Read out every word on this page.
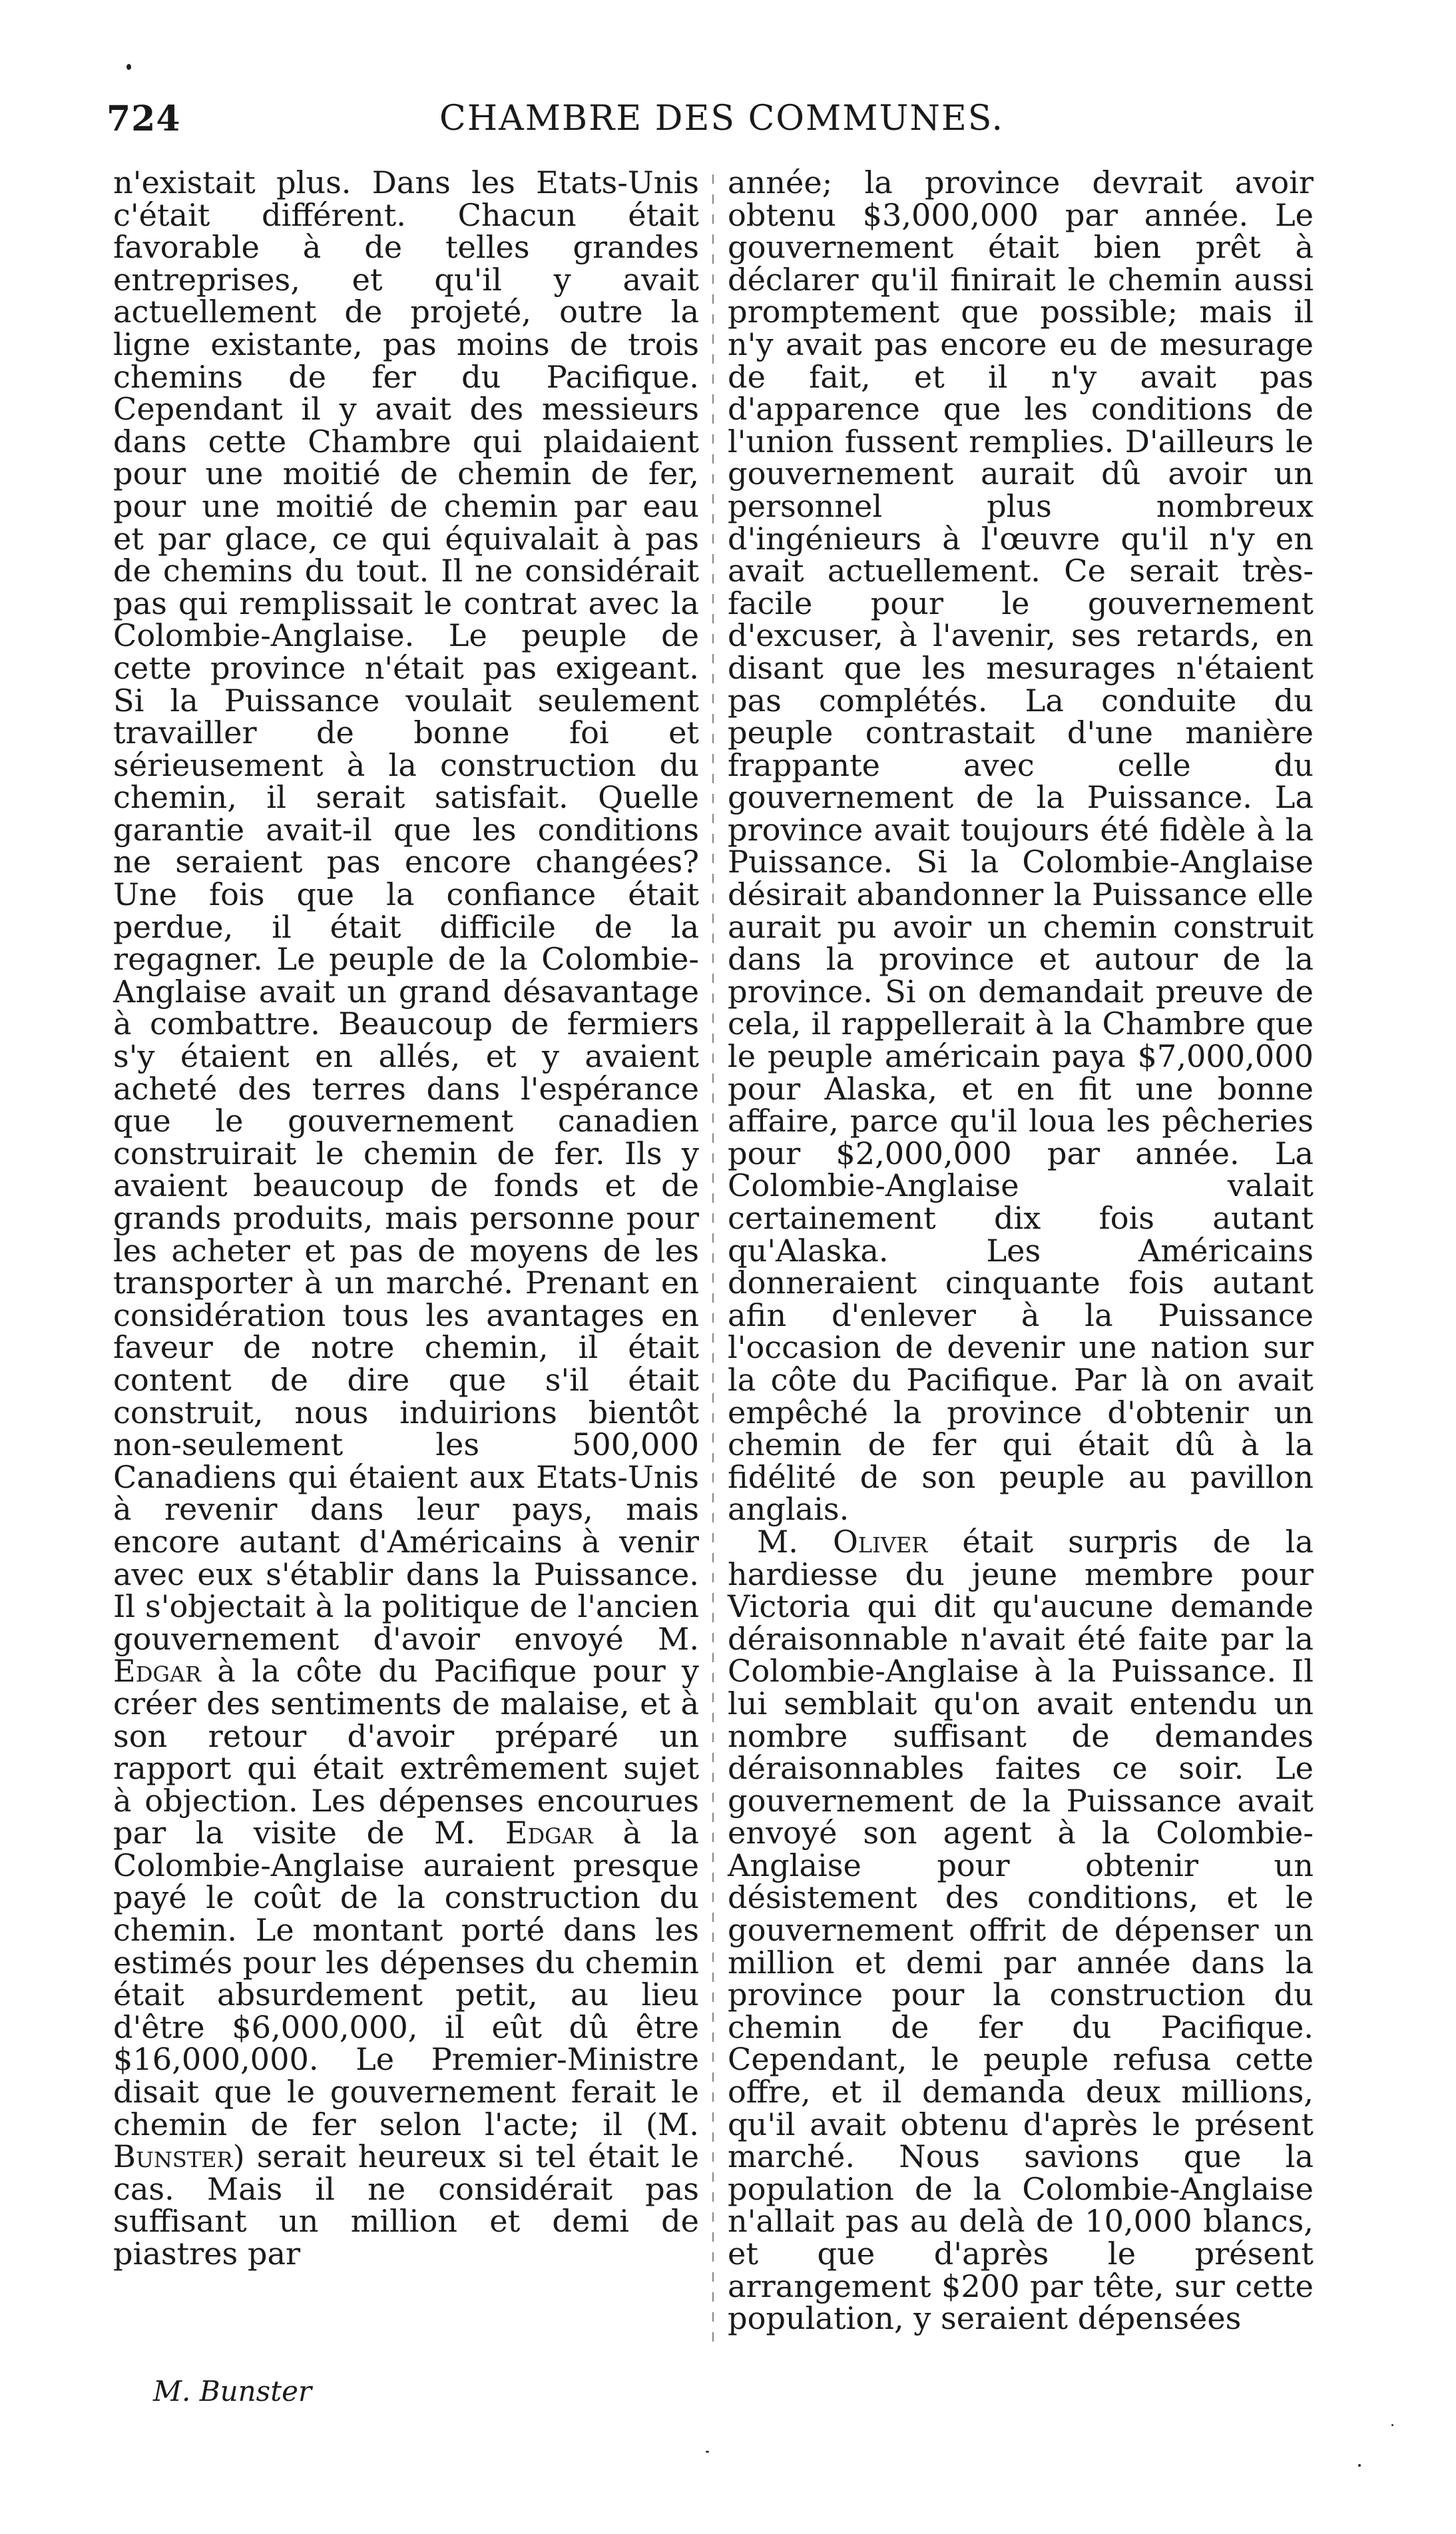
724	CHAMBRE DES COMMUNES.

n'existait plus. Dans les Etats-Unis c'était différent. Chacun était favorable à de telles grandes entreprises, et qu'il y avait actuellement de projeté, outre la ligne existante, pas moins de trois chemins de fer du Pacifique. Cependant il y avait des messieurs dans cette Chambre qui plaidaient pour une moitié de chemin de fer, pour une moitié de chemin par eau et par glace, ce qui équivalait à pas de chemins du tout. Il ne considérait pas qui remplissait le contrat avec la Colombie-Anglaise. Le peuple de cette province n'était pas exigeant. Si la Puissance voulait seulement travailler de bonne foi et sérieusement à la construction du chemin, il serait satisfait. Quelle garantie avait-il que les conditions ne seraient pas encore changées? Une fois que la confiance était perdue, il était difficile de la regagner. Le peuple de la Colombie-Anglaise avait un grand désavantage à combattre. Beaucoup de fermiers s'y étaient en allés, et y avaient acheté des terres dans l'espérance que le gouvernement canadien construirait le chemin de fer. Ils y avaient beaucoup de fonds et de grands produits, mais personne pour les acheter et pas de moyens de les transporter à un marché. Prenant en considération tous les avantages en faveur de notre chemin, il était content de dire que s'il était construit, nous induirions bientôt non-seulement les 500,000 Canadiens qui étaient aux Etats-Unis à revenir dans leur pays, mais encore autant d'Américains à venir avec eux s'établir dans la Puissance. Il s'objectait à la politique de l'ancien gouvernement d'avoir envoyé M. Edgar à la côte du Pacifique pour y créer des sentiments de malaise, et à son retour d'avoir préparé un rapport qui était extrêmement sujet à objection. Les dépenses encourues par la visite de M. Edgar à la Colombie-Anglaise auraient presque payé le coût de la construction du chemin. Le montant porté dans les estimés pour les dépenses du chemin était absurdement petit, au lieu d'être $6,000,000, il eût dû être $16,000,000. Le Premier-Ministre disait que le gouvernement ferait le chemin de fer selon l'acte; il (M. Bunster) serait heureux si tel était le cas. Mais il ne considérait pas suffisant un million et demi de piastres par

année; la province devrait avoir obtenu $3,000,000 par année. Le gouvernement était bien prêt à déclarer qu'il finirait le chemin aussi promptement que possible; mais il n'y avait pas encore eu de mesurage de fait, et il n'y avait pas d'apparence que les conditions de l'union fussent remplies. D'ailleurs le gouvernement aurait dû avoir un personnel plus nombreux d'ingénieurs à l'œuvre qu'il n'y en avait actuellement. Ce serait très-facile pour le gouvernement d'excuser, à l'avenir, ses retards, en disant que les mesurages n'étaient pas complétés. La conduite du peuple contrastait d'une manière frappante avec celle du gouvernement de la Puissance. La province avait toujours été fidèle à la Puissance. Si la Colombie-Anglaise désirait abandonner la Puissance elle aurait pu avoir un chemin construit dans la province et autour de la province. Si on demandait preuve de cela, il rappellerait à la Chambre que le peuple américain paya $7,000,000 pour Alaska, et en fit une bonne affaire, parce qu'il loua les pêcheries pour $2,000,000 par année. La Colombie-Anglaise valait certainement dix fois autant qu'Alaska. Les Américains donneraient cinquante fois autant afin d'enlever à la Puissance l'occasion de devenir une nation sur la côte du Pacifique. Par là on avait empêché la province d'obtenir un chemin de fer qui était dû à la fidélité de son peuple au pavillon anglais.

M. Oliver était surpris de la hardiesse du jeune membre pour Victoria qui dit qu'aucune demande déraisonnable n'avait été faite par la Colombie-Anglaise à la Puissance. Il lui semblait qu'on avait entendu un nombre suffisant de demandes déraisonnables faites ce soir. Le gouvernement de la Puissance avait envoyé son agent à la Colombie-Anglaise pour obtenir un désistement des conditions, et le gouvernement offrit de dépenser un million et demi par année dans la province pour la construction du chemin de fer du Pacifique. Cependant, le peuple refusa cette offre, et il demanda deux millions, qu'il avait obtenu d'après le présent marché. Nous savions que la population de la Colombie-Anglaise n'allait pas au delà de 10,000 blancs, et que d'après le présent arrangement $200 par tête, sur cette population, y seraient dépensées

M. Bunster
